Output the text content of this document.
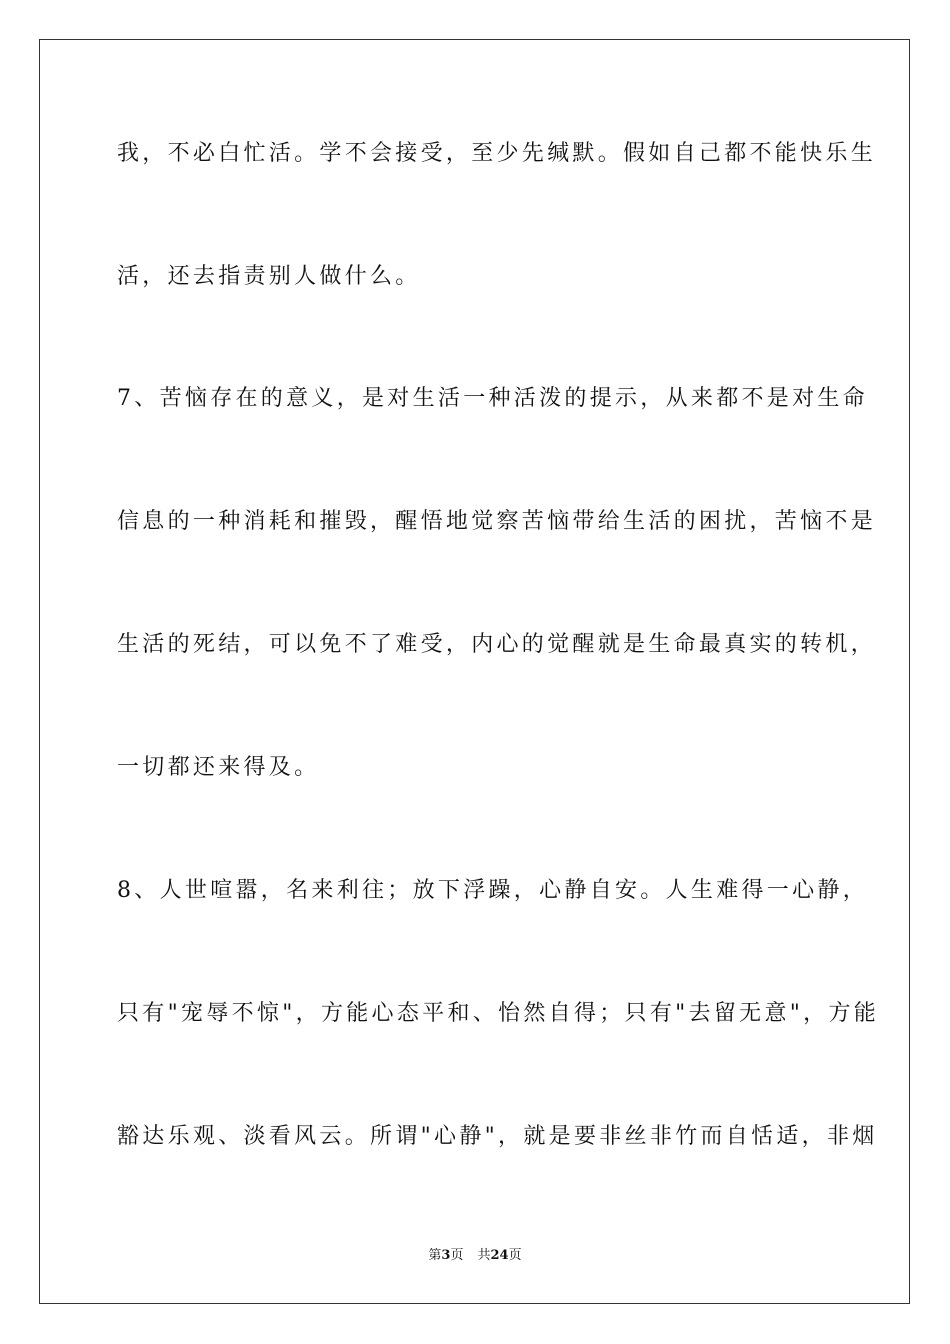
我，不必白忙活。学不会接受，至少先缄默。假如自己都不能快乐生
活，还去指责别人做什么。
7、苦恼存在的意义，是对生活一种活泼的提示，从来都不是对生命
信息的一种消耗和摧毁，醒悟地觉察苦恼带给生活的困扰，苦恼不是
生活的死结，可以免不了难受，内心的觉醒就是生命最真实的转机，
一切都还来得及。
8、人世喧嚣，名来利往；放下浮躁，心静自安。人生难得一心静，
只有"宠辱不惊"，方能心态平和、怡然自得；只有"去留无意"，方能
豁达乐观、淡看风云。所谓"心静"，就是要非丝非竹而自恬适，非烟
第3页 共24页
